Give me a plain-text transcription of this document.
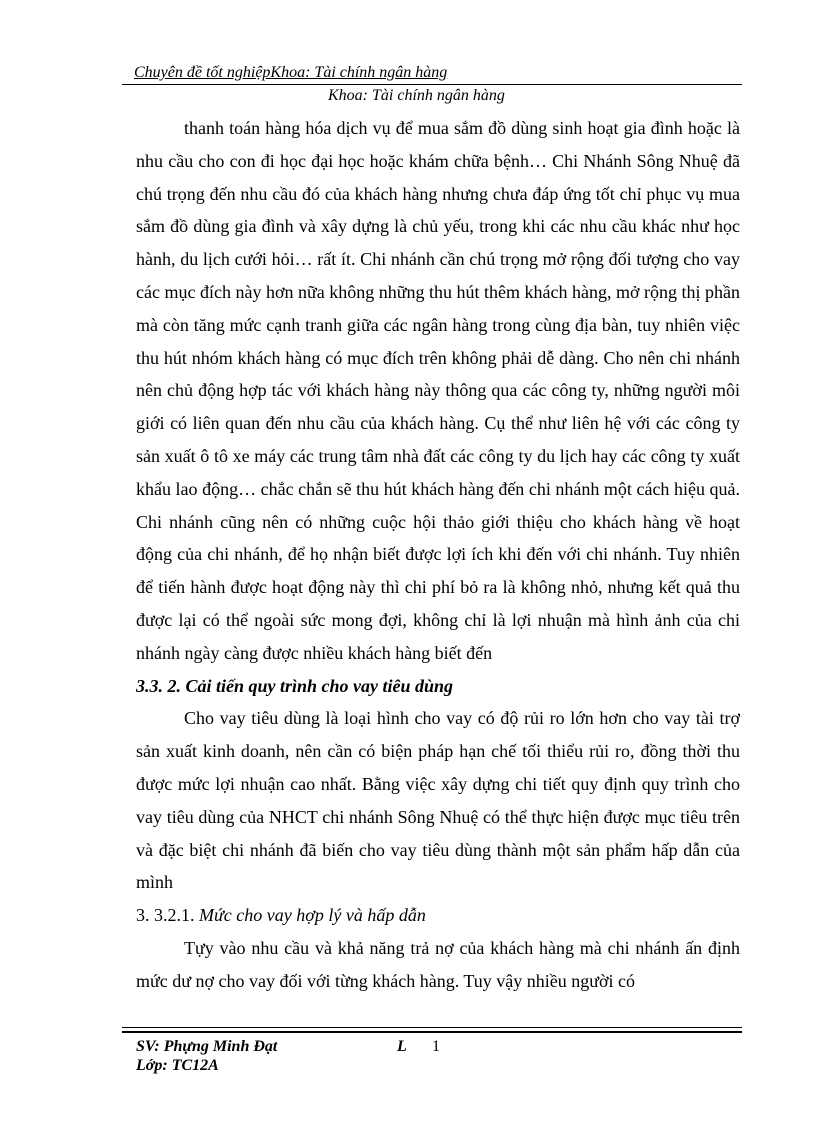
Chuyên đề tốt nghiệpKhoa: Tài chính ngân hàng
Khoa: Tài chính ngân hàng

thanh toán hàng hóa dịch vụ để mua sắm đồ dùng sinh hoạt gia đình hoặc là nhu cầu cho con đi học đại học hoặc khám chữa bệnh… Chi Nhánh Sông Nhuệ đã chú trọng đến nhu cầu đó của khách hàng nhưng chưa đáp ứng tốt chỉ phục vụ mua sắm đồ dùng gia đình và xây dựng là chủ yếu, trong khi các nhu cầu khác như học hành, du lịch cưới hỏi… rất ít. Chi nhánh cần chú trọng mở rộng đối tượng cho vay các mục đích này hơn nữa không những thu hút thêm khách hàng, mở rộng thị phần mà còn tăng mức cạnh tranh giữa các ngân hàng trong cùng địa bàn, tuy nhiên việc thu hút nhóm khách hàng có mục đích trên không phải dễ dàng. Cho nên chi nhánh nên chủ động hợp tác với khách hàng này thông qua các công ty, những người môi giới có liên quan đến nhu cầu của khách hàng. Cụ thể như liên hệ với các công ty sản xuất ô tô xe máy các trung tâm nhà đất các công ty du lịch hay các công ty xuất khẩu lao động… chắc chắn sẽ thu hút khách hàng đến chi nhánh một cách hiệu quả. Chi nhánh cũng nên có những cuộc hội thảo giới thiệu cho khách hàng về hoạt động của chi nhánh, để họ nhận biết được lợi ích khi đến với chi nhánh. Tuy nhiên để tiến hành được hoạt động này thì chi phí bỏ ra là không nhỏ, nhưng kết quả thu được lại có thể ngoài sức mong đợi, không chỉ là lợi nhuận mà hình ảnh của chi nhánh ngày càng được nhiều khách hàng biết đến

3.3. 2. Cải tiến quy trình cho vay tiêu dùng

Cho vay tiêu dùng là loại hình cho vay có độ rủi ro lớn hơn cho vay tài trợ sản xuất kinh doanh, nên cần có biện pháp hạn chế tối thiểu rủi ro, đồng thời thu được mức lợi nhuận cao nhất. Bằng việc xây dựng chi tiết quy định quy trình cho vay tiêu dùng của NHCT chi nhánh Sông Nhuệ có thể thực hiện được mục tiêu trên và đặc biệt chi nhánh đã biến cho vay tiêu dùng thành một sản phẩm hấp dẫn của mình

3. 3.2.1. Mức cho vay hợp lý và hấp dẫn

Tựy vào nhu cầu và khả năng trả nợ của khách hàng mà chi nhánh ấn định mức dư nợ cho vay đối với từng khách hàng. Tuy vậy nhiều người có

SV: Phựng Minh Đạt	L 1
Lớp: TC12A
